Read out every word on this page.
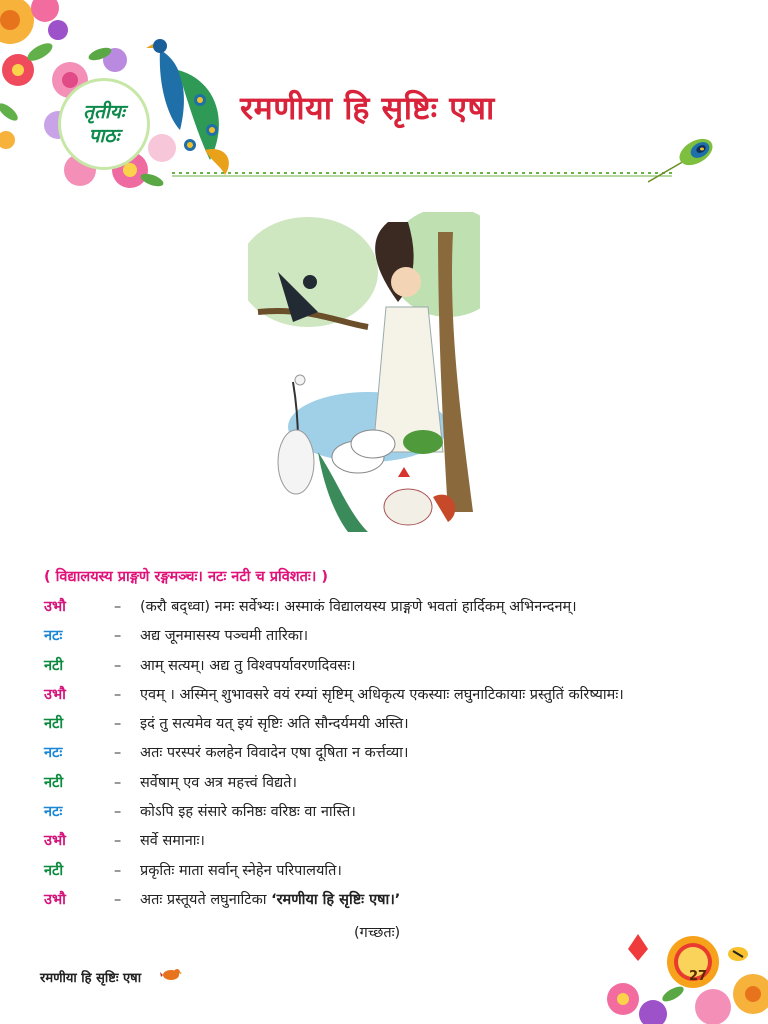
तृतीयः
पाठः
रमणीया हि सृष्टिः एषा
( विद्यालयस्य प्राङ्गणे रङ्गमञ्चः। नटः नटी च प्रविशतः। )
उभौ	–	(करौ बद्ध्वा) नमः सर्वेभ्यः। अस्माकं विद्यालयस्य प्राङ्गणे भवतां हार्दिकम् अभिनन्दनम्।
नटः	–	अद्य जूनमासस्य पञ्चमी तारिका।
नटी	–	आम् सत्यम्। अद्य तु विश्वपर्यावरणदिवसः।
उभौ	–	एवम् । अस्मिन् शुभावसरे वयं रम्यां सृष्टिम् अधिकृत्य एकस्याः लघुनाटिकायाः प्रस्तुतिं करिष्यामः।
नटी	–	इदं तु सत्यमेव यत् इयं सृष्टिः अति सौन्दर्यमयी अस्ति।
नटः	–	अतः परस्परं कलहेन विवादेन एषा दूषिता न कर्त्तव्या।
नटी	–	सर्वेषाम् एव अत्र महत्त्वं विद्यते।
नटः	–	कोऽपि इह संसारे कनिष्ठः वरिष्ठः वा नास्ति।
उभौ	–	सर्वे समानाः।
नटी	–	प्रकृतिः माता सर्वान् स्नेहेन परिपालयति।
उभौ	–	अतः प्रस्तूयते लघुनाटिका ‘रमणीया हि सृष्टिः एषा।’
(गच्छतः)
रमणीया हि सृष्टिः एषा	27
